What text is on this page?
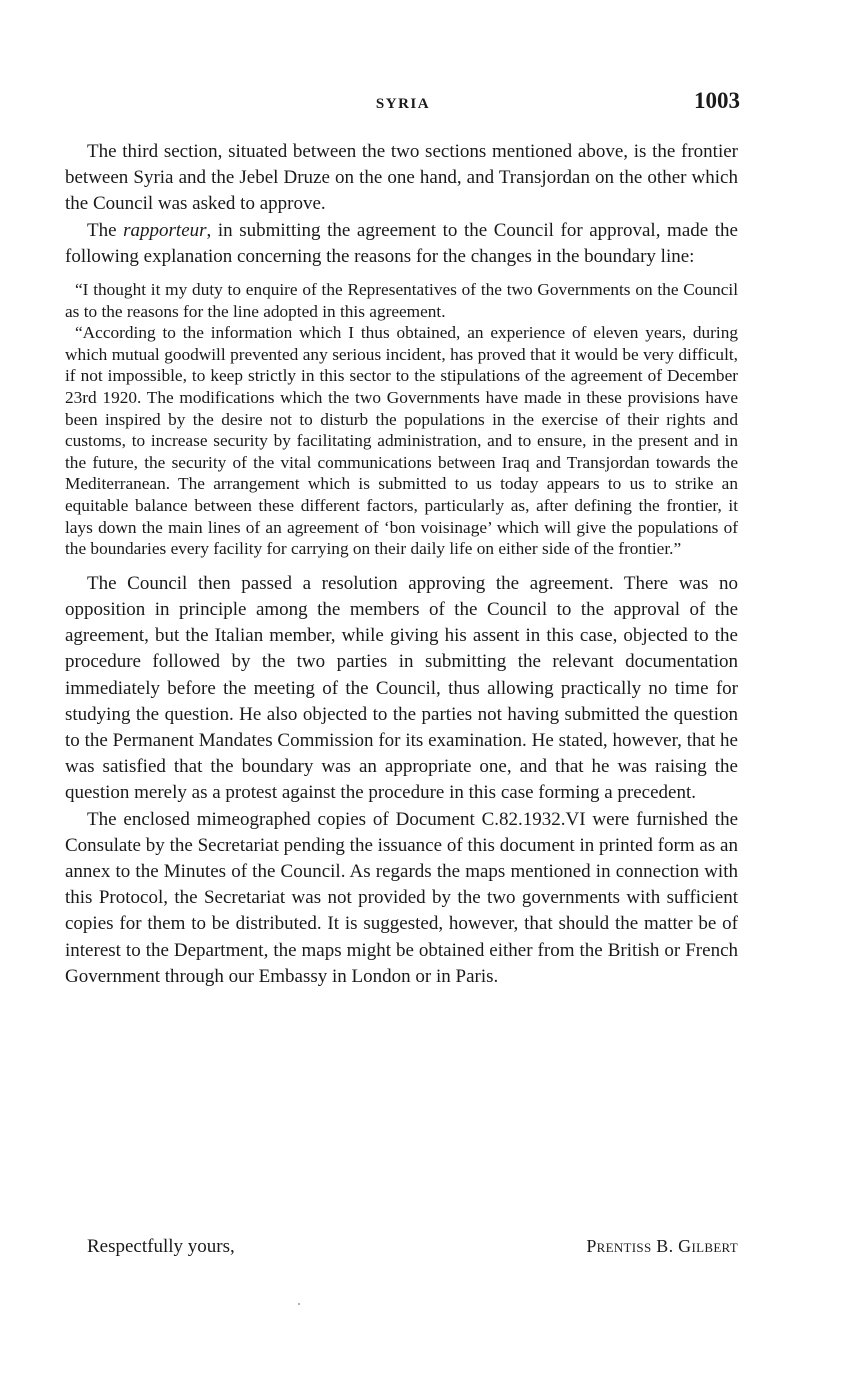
SYRIA	1003

The third section, situated between the two sections mentioned above, is the frontier between Syria and the Jebel Druze on the one hand, and Transjordan on the other which the Council was asked to approve.

The rapporteur, in submitting the agreement to the Council for approval, made the following explanation concerning the reasons for the changes in the boundary line:

“I thought it my duty to enquire of the Representatives of the two Governments on the Council as to the reasons for the line adopted in this agreement.

“According to the information which I thus obtained, an experience of eleven years, during which mutual goodwill prevented any serious incident, has proved that it would be very difficult, if not impossible, to keep strictly in this sector to the stipulations of the agreement of December 23rd 1920. The modifications which the two Governments have made in these provisions have been inspired by the desire not to disturb the populations in the exercise of their rights and customs, to increase security by facilitating administration, and to ensure, in the present and in the future, the security of the vital communications between Iraq and Transjordan towards the Mediterranean. The arrangement which is submitted to us today appears to us to strike an equitable balance between these different factors, particularly as, after defining the frontier, it lays down the main lines of an agreement of ‘bon voisinage’ which will give the populations of the boundaries every facility for carrying on their daily life on either side of the frontier.”

The Council then passed a resolution approving the agreement. There was no opposition in principle among the members of the Council to the approval of the agreement, but the Italian member, while giving his assent in this case, objected to the procedure followed by the two parties in submitting the relevant documentation immediately before the meeting of the Council, thus allowing practically no time for studying the question. He also objected to the parties not having submitted the question to the Permanent Mandates Commission for its examination. He stated, however, that he was satisfied that the boundary was an appropriate one, and that he was raising the question merely as a protest against the procedure in this case forming a precedent.

The enclosed mimeographed copies of Document C.82.1932.VI were furnished the Consulate by the Secretariat pending the issuance of this document in printed form as an annex to the Minutes of the Council. As regards the maps mentioned in connection with this Protocol, the Secretariat was not provided by the two governments with sufficient copies for them to be distributed. It is suggested, however, that should the matter be of interest to the Department, the maps might be obtained either from the British or French Government through our Embassy in London or in Paris.

Respectfully yours,	Prentiss B. Gilbert
